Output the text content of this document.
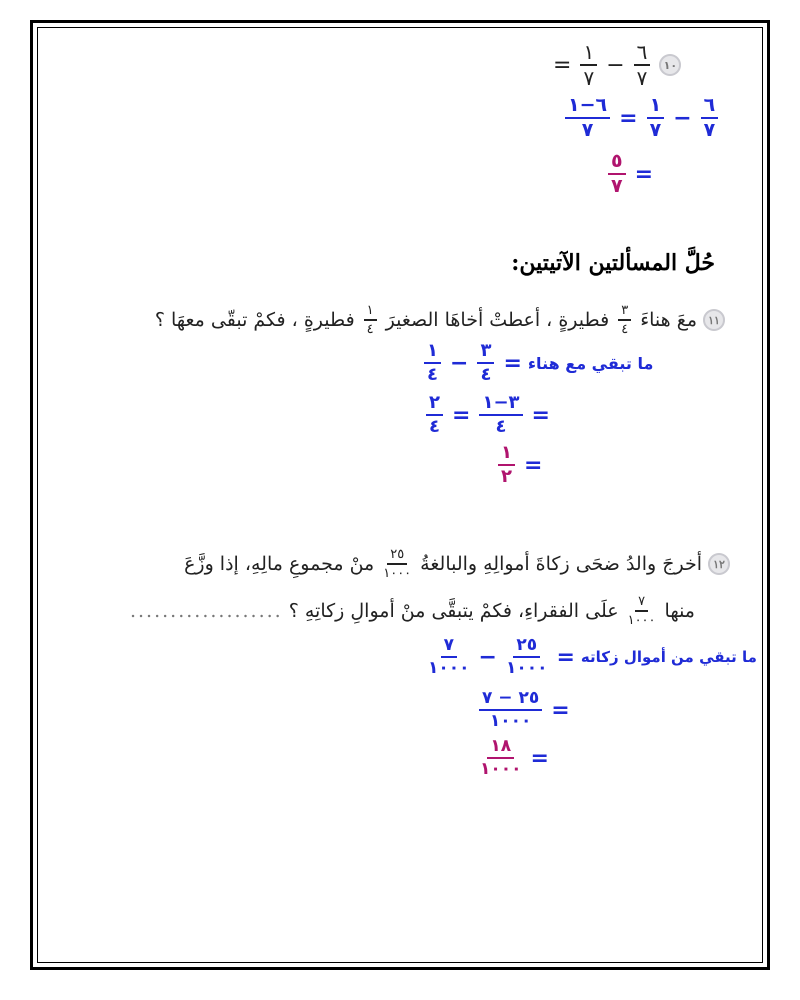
= $\frac{١}{٧} - \frac{٦}{٧}$ ١٠
$\frac{٦-١}{٧} = \frac{١}{٧} - \frac{٦}{٧}$
$\frac{٥}{٧}$ =
حُلَّ المسألتين الآتيتين:
١١
معَ هناءَ
$\frac{٣}{٤}$
فطيرةٍ ، أعطتْ أخاهَا الصغيرَ
$\frac{١}{٤}$
فطيرةٍ ، فكمْ تبقّى معهَا ؟
$\frac{١}{٤} - \frac{٣}{٤}$ = ما تبقي مع هناء
$\frac{٢}{٤} = \frac{٣-١}{٤}$ =
$\frac{١}{٢}$ =
١٢
أخرجَ والدُ ضحَى زكاةَ أموالِهِ والبالغةُ
$\frac{٢٥}{١٠٠٠}$
منْ مجموعِ مالِهِ، إذا وزَّعَ
منها
$\frac{٧}{١٠٠٠}$
علَى الفقراءِ، فكمْ يتبقَّى منْ أموالِ زكاتِهِ ؟
...................
$\frac{٧}{١٠٠٠} - \frac{٢٥}{١٠٠٠}$ = ما تبقي من أموال زكاته
$\frac{٢٥ - ٧}{١٠٠٠}$ =
$\frac{١٨}{١٠٠٠}$ =
